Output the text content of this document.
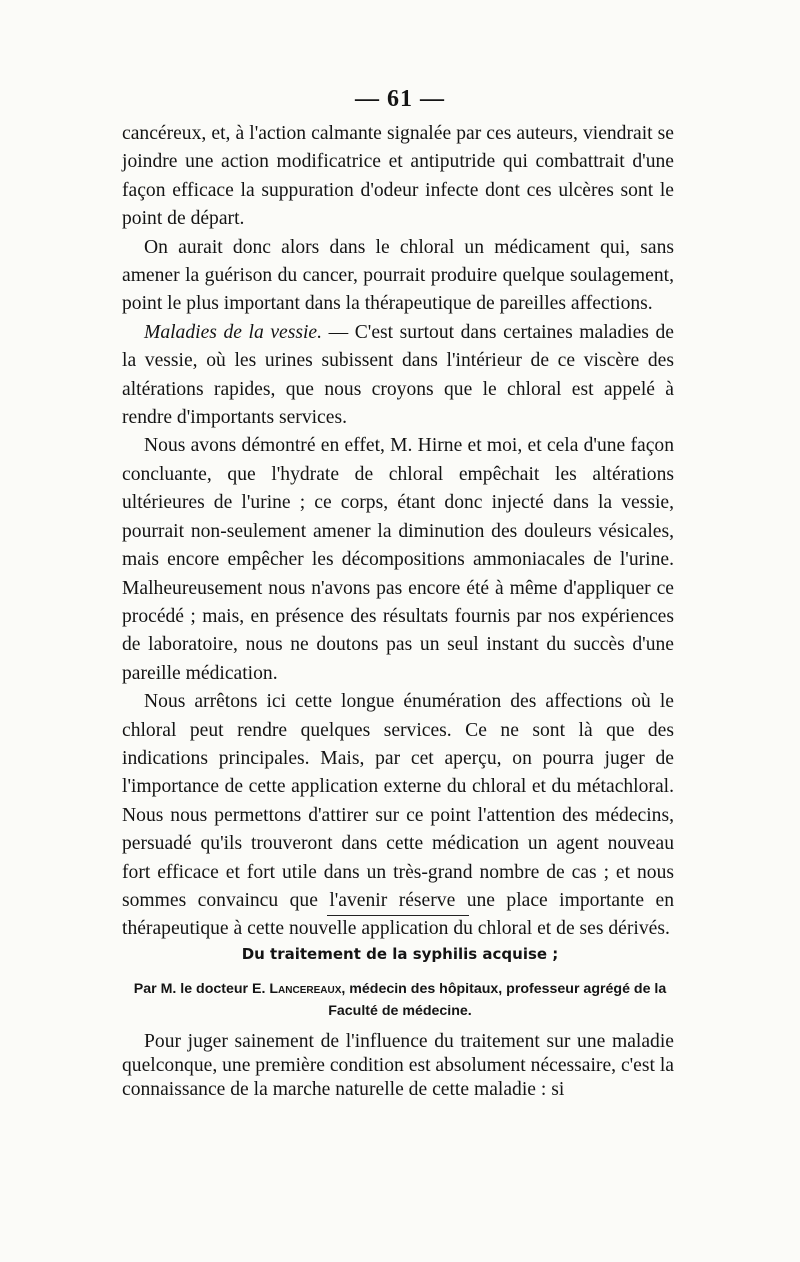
— 61 —

cancéreux, et, à l'action calmante signalée par ces auteurs, viendrait se joindre une action modificatrice et antiputride qui combattrait d'une façon efficace la suppuration d'odeur infecte dont ces ulcères sont le point de départ.

On aurait donc alors dans le chloral un médicament qui, sans amener la guérison du cancer, pourrait produire quelque soulagement, point le plus important dans la thérapeutique de pareilles affections.

Maladies de la vessie. — C'est surtout dans certaines maladies de la vessie, où les urines subissent dans l'intérieur de ce viscère des altérations rapides, que nous croyons que le chloral est appelé à rendre d'importants services.

Nous avons démontré en effet, M. Hirne et moi, et cela d'une façon concluante, que l'hydrate de chloral empêchait les altérations ultérieures de l'urine ; ce corps, étant donc injecté dans la vessie, pourrait non-seulement amener la diminution des douleurs vésicales, mais encore empêcher les décompositions ammoniacales de l'urine. Malheureusement nous n'avons pas encore été à même d'appliquer ce procédé ; mais, en présence des résultats fournis par nos expériences de laboratoire, nous ne doutons pas un seul instant du succès d'une pareille médication.

Nous arrêtons ici cette longue énumération des affections où le chloral peut rendre quelques services. Ce ne sont là que des indications principales. Mais, par cet aperçu, on pourra juger de l'importance de cette application externe du chloral et du métachloral. Nous nous permettons d'attirer sur ce point l'attention des médecins, persuadé qu'ils trouveront dans cette médication un agent nouveau fort efficace et fort utile dans un très-grand nombre de cas ; et nous sommes convaincu que l'avenir réserve une place importante en thérapeutique à cette nouvelle application du chloral et de ses dérivés.

Du traitement de la syphilis acquise ;
Par M. le docteur E. Lancereaux, médecin des hôpitaux, professeur agrégé de la Faculté de médecine.

Pour juger sainement de l'influence du traitement sur une maladie quelconque, une première condition est absolument nécessaire, c'est la connaissance de la marche naturelle de cette maladie : si
